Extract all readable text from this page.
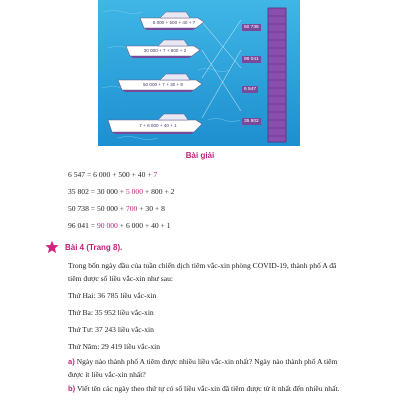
6 000 + 500 + 40 + 7
30 000 + 7 + 800 + 2
50 000 + 7 + 30 + 8
7 + 6 000 + 40 + 1
50 738
96 041
6 547
35 802
Bài giải
6 547 = 6 000 + 500 + 40 + 7
35 802 = 30 000 + 5 000 + 800 + 2
50 738 = 50 000 + 700 + 30 + 8
96 041 = 90 000 + 6 000 + 40 + 1
Bài 4 (Trang 8).
Trong bốn ngày đầu của tuần chiến dịch tiêm vắc-xin phòng COVID-19, thành phố A đã tiêm được số liều vắc-xin như sau:
Thứ Hai: 36 785 liều vắc-xin
Thứ Ba: 35 952 liều vắc-xin
Thứ Tư: 37 243 liều vắc-xin
Thứ Năm: 29 419 liều vắc-xin
a) Ngày nào thành phố A tiêm được nhiều liều vắc-xin nhất? Ngày nào thành phố A tiêm được ít liều vắc-xin nhất?
b) Viết tên các ngày theo thứ tự có số liều vắc-xin đã tiêm được từ ít nhất đến nhiều nhất.
